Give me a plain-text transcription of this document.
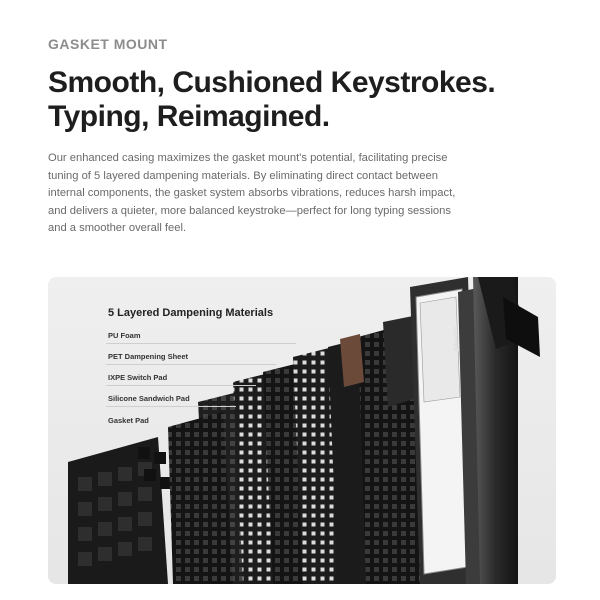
GASKET MOUNT
Smooth, Cushioned Keystrokes.
Typing, Reimagined.

Our enhanced casing maximizes the gasket mount's potential, facilitating precise tuning of 5 layered dampening materials. By eliminating direct contact between internal components, the gasket system absorbs vibrations, reduces harsh impact, and delivers a quieter, more balanced keystroke—perfect for long typing sessions and a smoother overall feel.

5 Layered Dampening Materials
PU Foam
PET Dampening Sheet
IXPE Switch Pad
Silicone Sandwich Pad
Gasket Pad
LOFREE
